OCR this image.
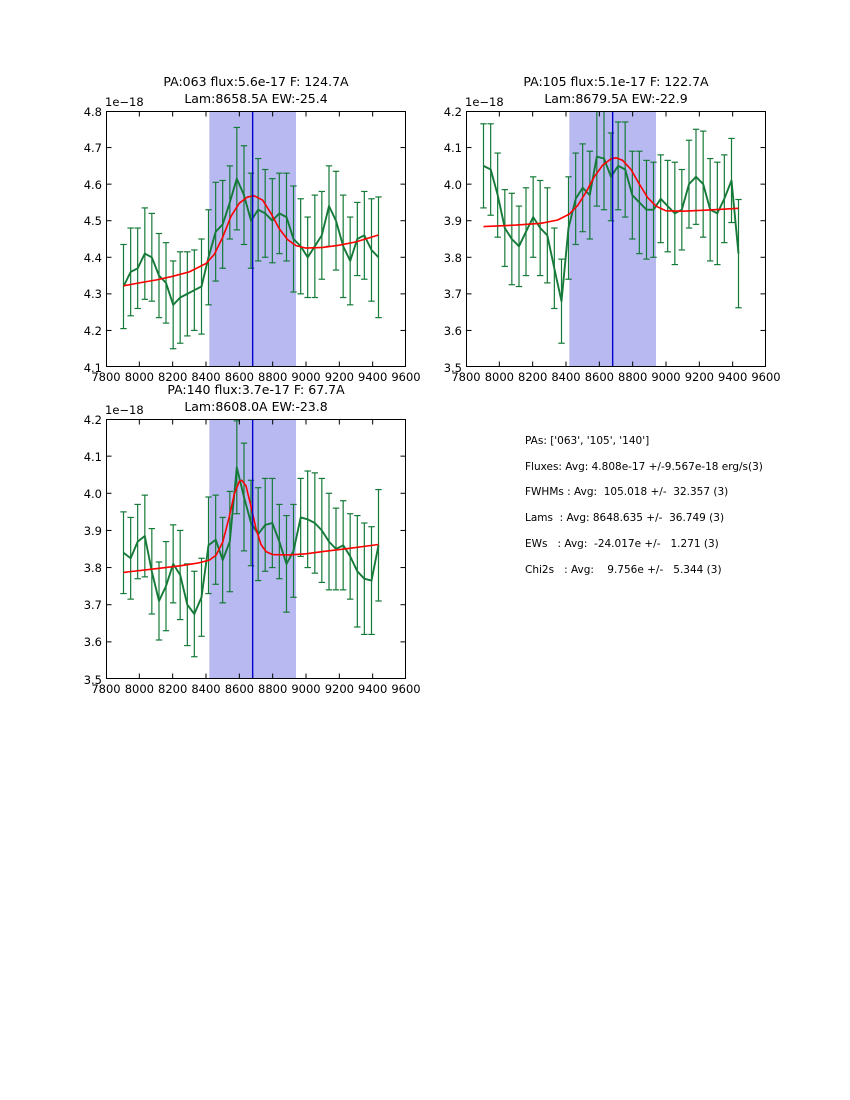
PA:063 flux:5.6e-17 F: 124.7A
Lam:8658.5A EW:-25.4
1e−18
PA:105 flux:5.1e-17 F: 122.7A
Lam:8679.5A EW:-22.9
1e−18
PA:140 flux:3.7e-17 F: 67.7A
Lam:8608.0A EW:-23.8
1e−18
PAs: ['063', '105', '140']
Fluxes: Avg: 4.808e-17 +/-9.567e-18 erg/s(3)
FWHMs : Avg:  105.018 +/-  32.357 (3)
Lams  : Avg: 8648.635 +/-  36.749 (3)
EWs   : Avg:  -24.017e +/-   1.271 (3)
Chi2s   : Avg:    9.756e +/-   5.344 (3)
7800 8000 8200 8400 8600 8800 9000 9200 9400 9600
4.8
4.7
4.6
4.5
4.4
4.3
4.2
4.1
7800 8000 8200 8400 8600 8800 9000 9200 9400 9600
4.2
4.1
4.0
3.9
3.8
3.7
3.6
3.5
7800 8000 8200 8400 8600 8800 9000 9200 9400 9600
4.2
4.1
4.0
3.9
3.8
3.7
3.6
3.5
